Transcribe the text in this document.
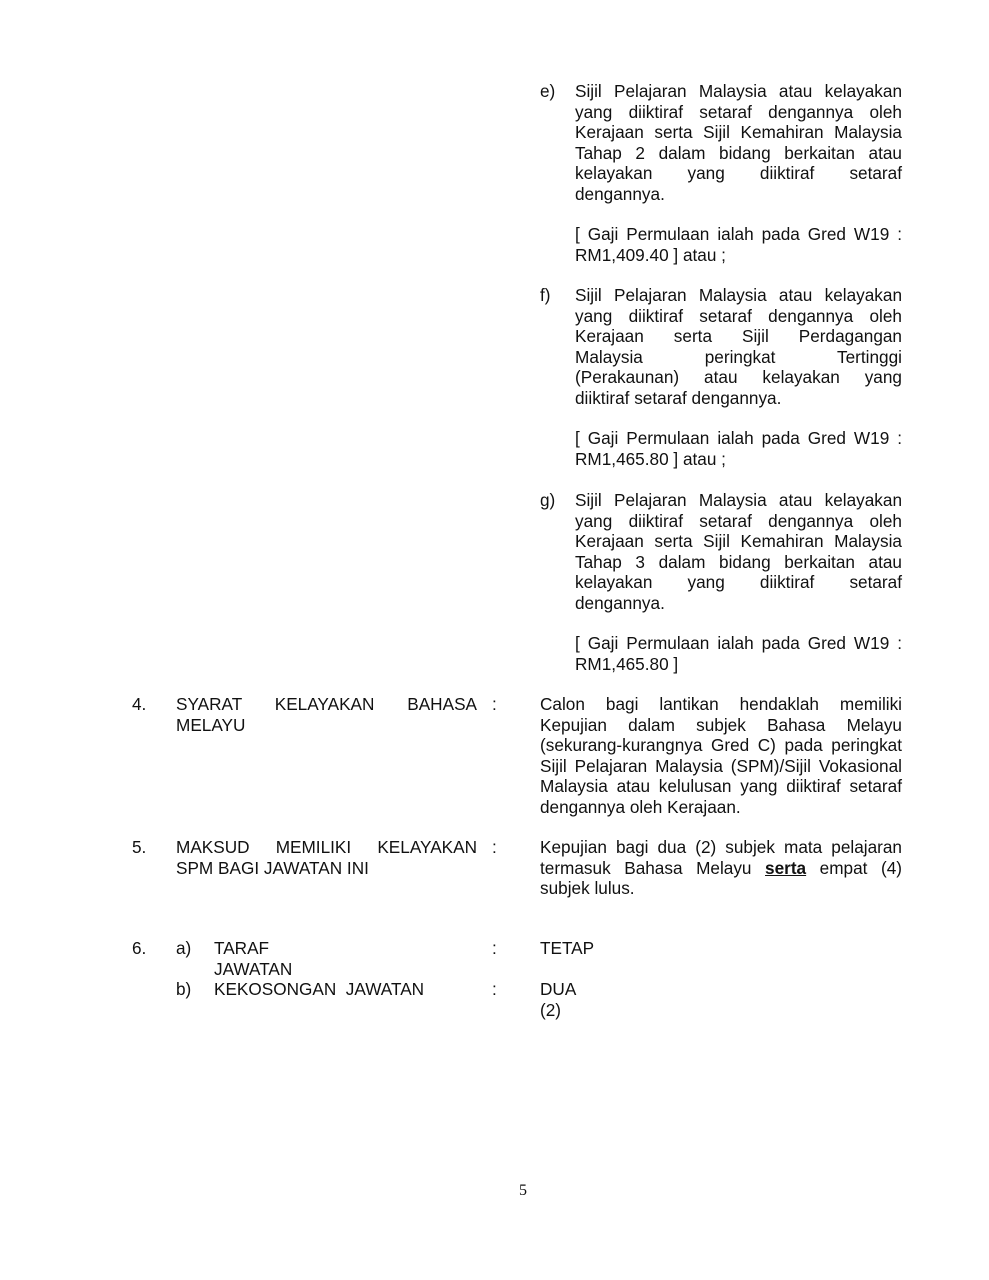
e) Sijil Pelajaran Malaysia atau kelayakan
yang diiktiraf setaraf dengannya oleh
Kerajaan serta Sijil Kemahiran Malaysia
Tahap 2 dalam bidang berkaitan atau
kelayakan yang diiktiraf setaraf
dengannya.
[ Gaji Permulaan ialah pada Gred W19 :
RM1,409.40 ] atau ;
f) Sijil Pelajaran Malaysia atau kelayakan
yang diiktiraf setaraf dengannya oleh
Kerajaan serta Sijil Perdagangan
Malaysia peringkat Tertinggi
(Perakaunan) atau kelayakan yang
diiktiraf setaraf dengannya.
[ Gaji Permulaan ialah pada Gred W19 :
RM1,465.80 ] atau ;
g) Sijil Pelajaran Malaysia atau kelayakan
yang diiktiraf setaraf dengannya oleh
Kerajaan serta Sijil Kemahiran Malaysia
Tahap 3 dalam bidang berkaitan atau
kelayakan yang diiktiraf setaraf
dengannya.
[ Gaji Permulaan ialah pada Gred W19 :
RM1,465.80 ]
4. SYARAT KELAYAKAN BAHASA
MELAYU
:	Calon bagi lantikan hendaklah memiliki
Kepujian dalam subjek Bahasa Melayu
(sekurang-kurangnya Gred C) pada peringkat
Sijil Pelajaran Malaysia (SPM)/Sijil Vokasional
Malaysia atau kelulusan yang diiktiraf setaraf
dengannya oleh Kerajaan.
5. MAKSUD MEMILIKI KELAYAKAN
SPM BAGI JAWATAN INI
:	Kepujian bagi dua (2) subjek mata pelajaran
termasuk Bahasa Melayu serta empat (4)
subjek lulus.
6. a) TARAF JAWATAN
:	TETAP
b) KEKOSONGAN  JAWATAN	:	DUA (2)
5
